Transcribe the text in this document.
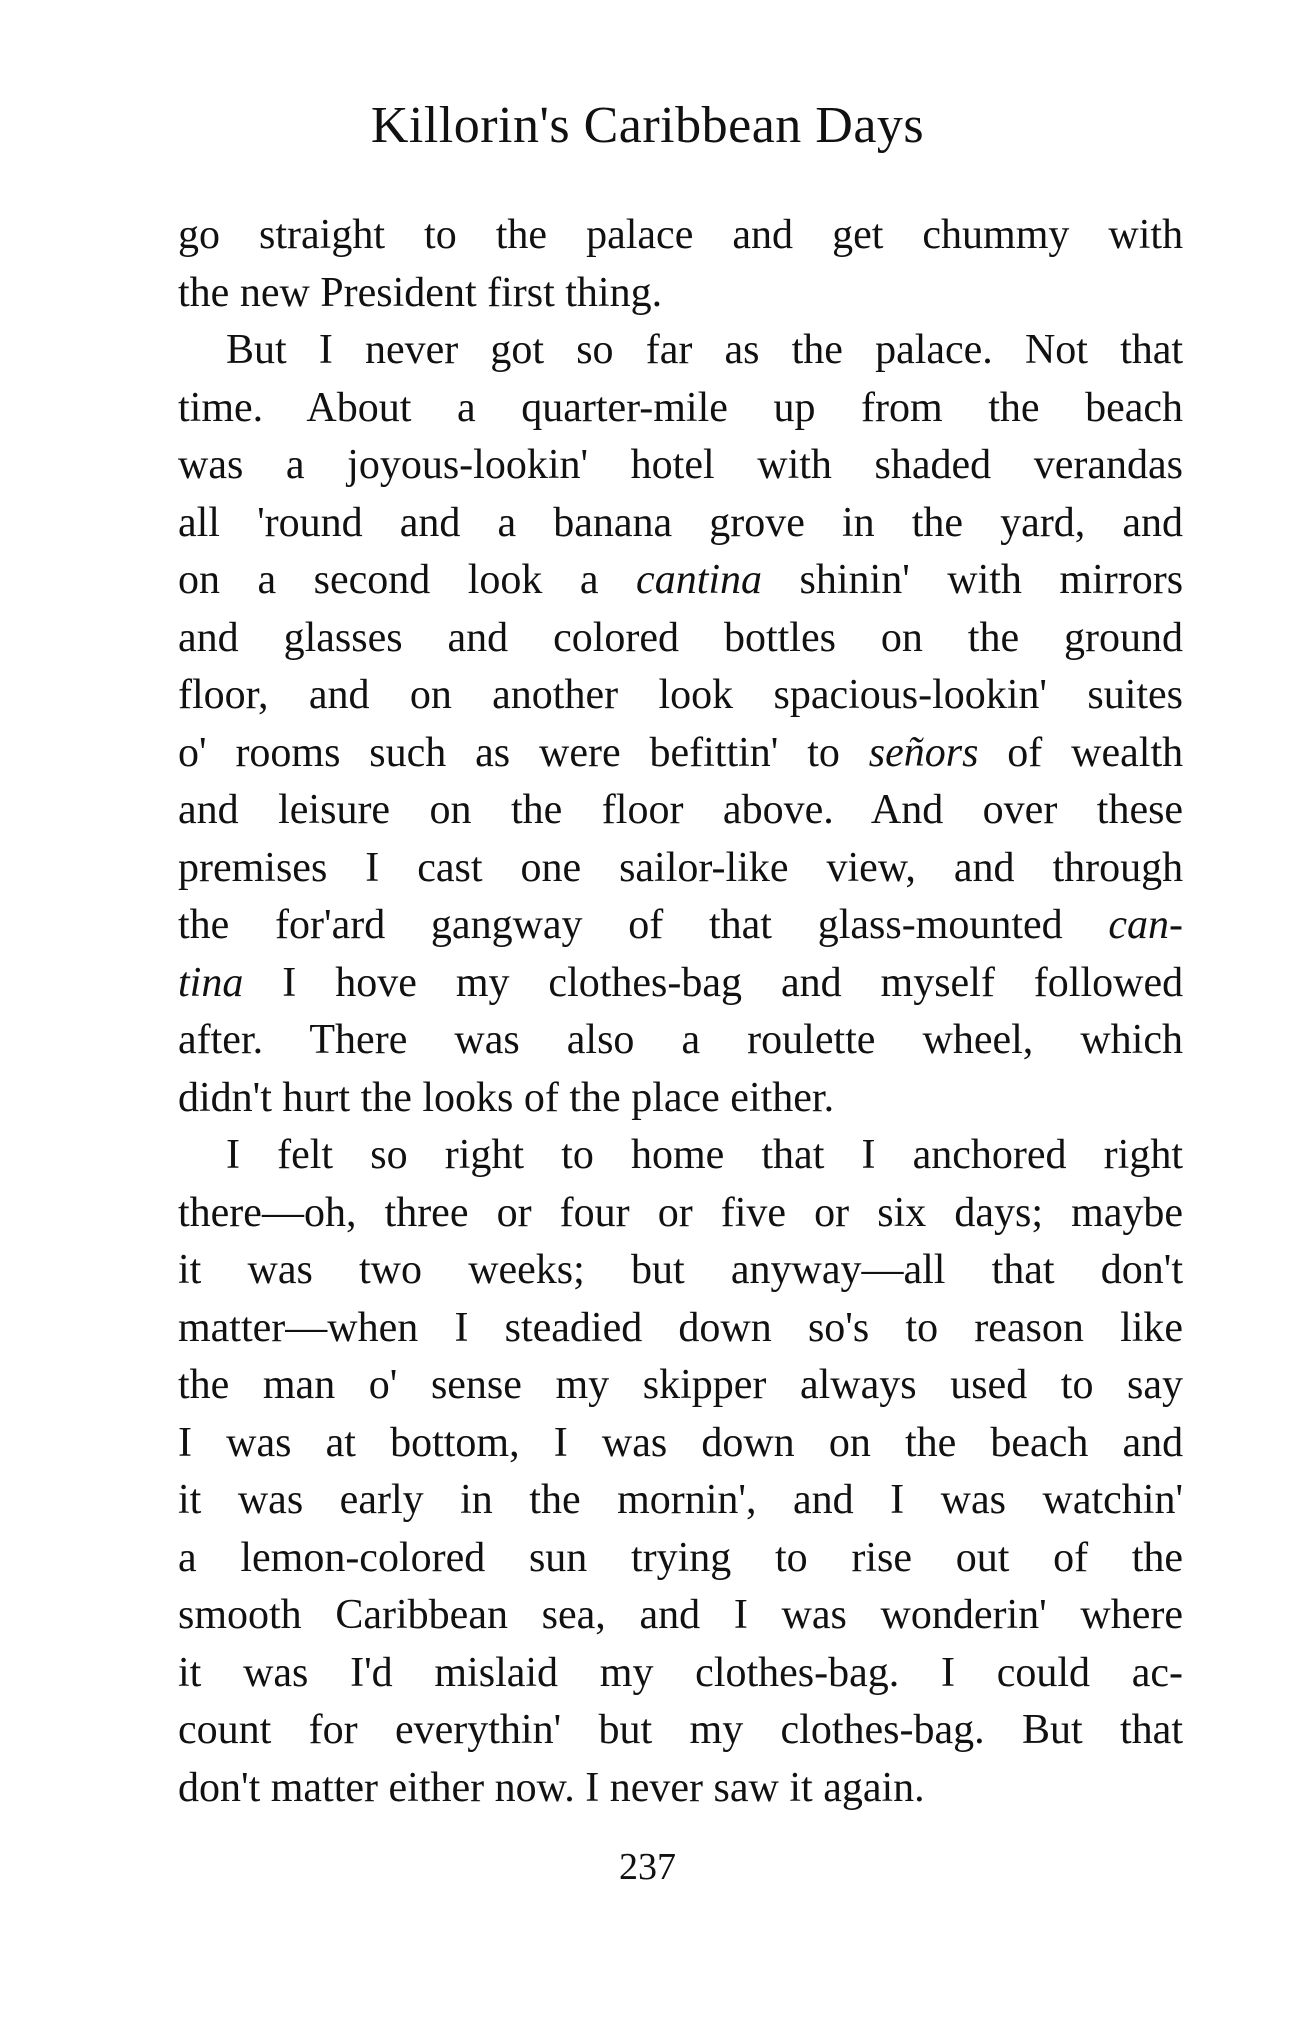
Killorin's Caribbean Days
go straight to the palace and get chummy with
the new President first thing.
But I never got so far as the palace. Not that
time. About a quarter-mile up from the beach
was a joyous-lookin' hotel with shaded verandas
all 'round and a banana grove in the yard, and
on a second look a cantina shinin' with mirrors
and glasses and colored bottles on the ground
floor, and on another look spacious-lookin' suites
o' rooms such as were befittin' to señors of wealth
and leisure on the floor above. And over these
premises I cast one sailor-like view, and through
the for'ard gangway of that glass-mounted can-
tina I hove my clothes-bag and myself followed
after. There was also a roulette wheel, which
didn't hurt the looks of the place either.
I felt so right to home that I anchored right
there—oh, three or four or five or six days; maybe
it was two weeks; but anyway—all that don't
matter—when I steadied down so's to reason like
the man o' sense my skipper always used to say
I was at bottom, I was down on the beach and
it was early in the mornin', and I was watchin'
a lemon-colored sun trying to rise out of the
smooth Caribbean sea, and I was wonderin' where
it was I'd mislaid my clothes-bag. I could ac-
count for everythin' but my clothes-bag. But that
don't matter either now. I never saw it again.
237
